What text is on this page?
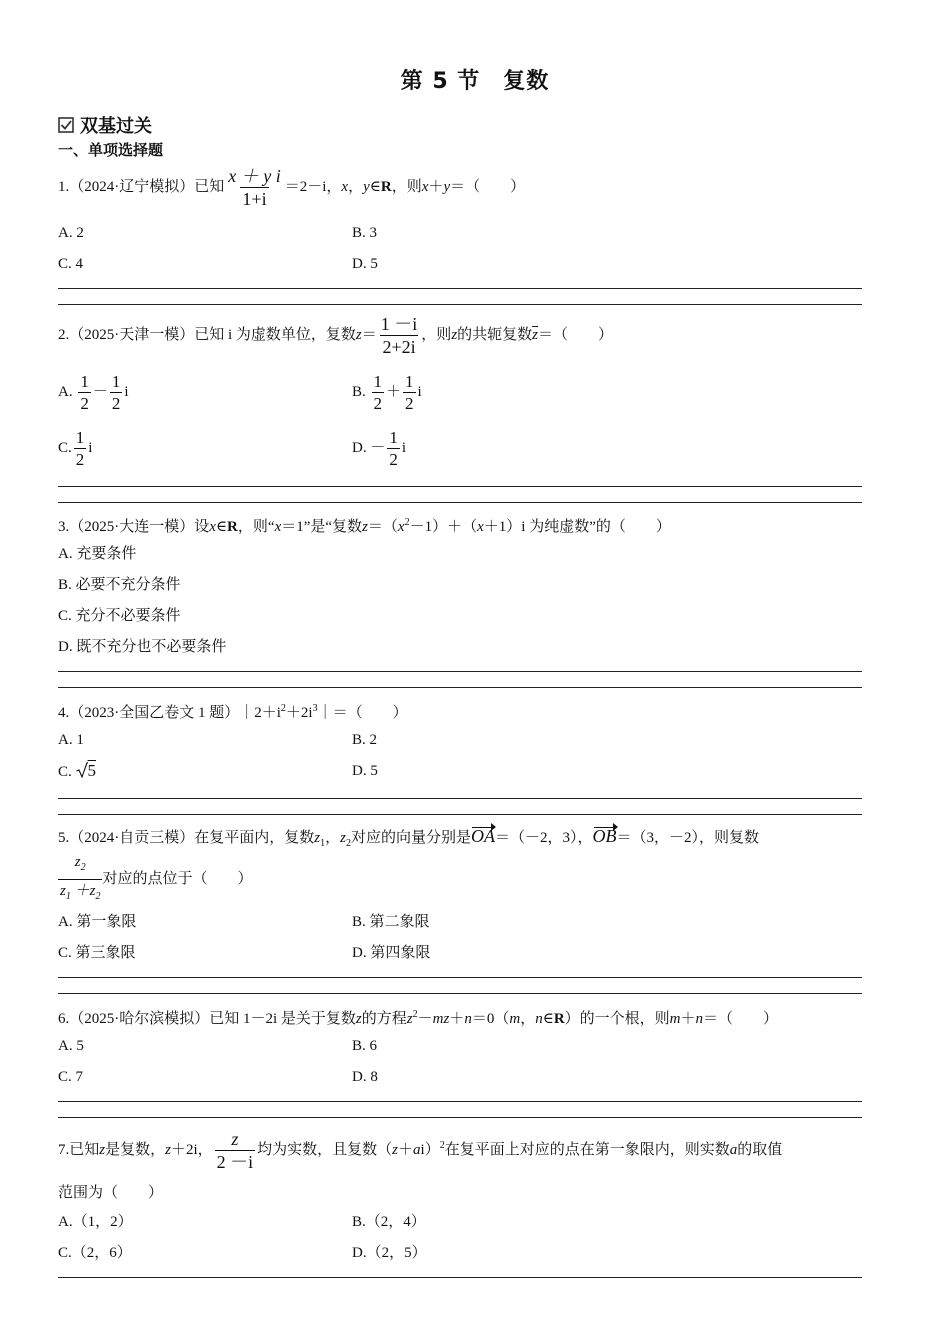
第 5 节　复数
双基过关
一、单项选择题
1.（2024·辽宁模拟）已知 $\frac{\text{x ＋ y i}}{1+i} =2-i$，x，y∈R，则x＋y＝（　　）
A. 2	B. 3
C. 4	D. 5
2.（2025·天津一模）已知 i 为虚数单位，复数$z= \frac{1 -i}{2+2i}$ ，则z的共轭复数$\overline{z}=$（　　）
A. $\frac{1}{2} - \frac{1}{2}$ i	B. $\frac{1}{2} + \frac{1}{2}$ i
C. $\frac{1}{2}$ i	D. － $\frac{1}{2}$ i
3.（2025·大连一模）设x∈R，则“x＝1”是“复数$z=(x^2-1)+(x+1)i$ 为纯虚数”的（　　）
A. 充要条件
B. 必要不充分条件
C. 充分不必要条件
D. 既不充分也不必要条件
4.（2023·全国乙卷文 1 题）$|2+i^2+2i^3|=$（　　）
A. 1	B. 2
C. 5	D. 5
5.（2024·自贡三模）在复平面内，复数$z_1$，$z_2$对应的向量分别是OA＝（－2，3），OB＝（3，－2），则复数
$\frac{z_2}{z_1 +z_2}$ 对应的点位于（　　）
A. 第一象限	B. 第二象限
C. 第三象限	D. 第四象限
6.（2025·哈尔滨模拟）已知 1－2i 是关于复数z的方程$z^2-mz+n=0(m$，n∈R）的一个根，则m＋n＝（　　）
A. 5	B. 6
C. 7	D. 8
7.已知z是复数，z＋2i， $\frac{z}{2 -i}$ 均为实数，且复数$(z+ai)^2$在复平面上对应的点在第一象限内，则实数a的取值
范围为（　　）
A.（1，2）	B.（2，4）
C.（2，6）	D.（2，5）
